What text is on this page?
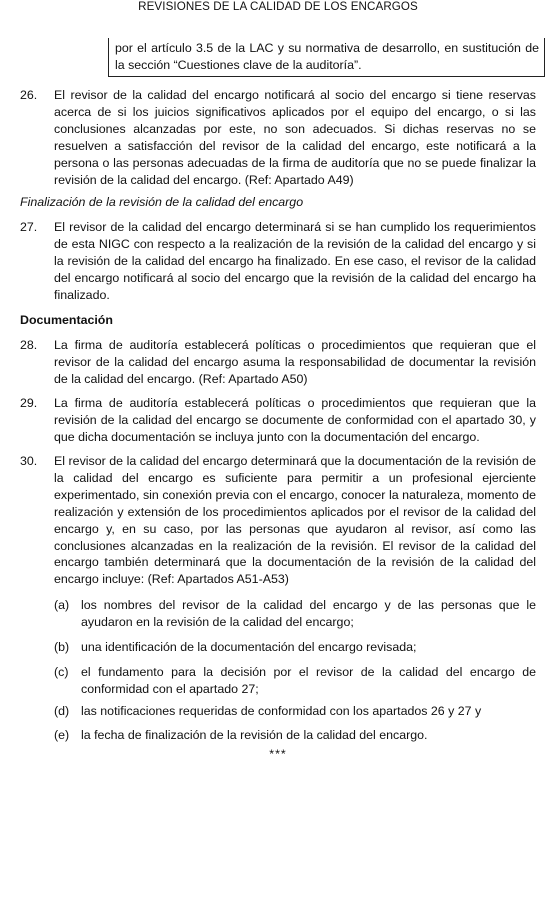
REVISIONES DE LA CALIDAD DE LOS ENCARGOS
por el artículo 3.5 de la LAC y su normativa de desarrollo, en sustitución de la sección “Cuestiones clave de la auditoría”.
26.	El revisor de la calidad del encargo notificará al socio del encargo si tiene reservas acerca de si los juicios significativos aplicados por el equipo del encargo, o si las conclusiones alcanzadas por este, no son adecuados. Si dichas reservas no se resuelven a satisfacción del revisor de la calidad del encargo, este notificará a la persona o las personas adecuadas de la firma de auditoría que no se puede finalizar la revisión de la calidad del encargo. (Ref: Apartado A49)
Finalización de la revisión de la calidad del encargo
27.	El revisor de la calidad del encargo determinará si se han cumplido los requerimientos de esta NIGC con respecto a la realización de la revisión de la calidad del encargo y si la revisión de la calidad del encargo ha finalizado. En ese caso, el revisor de la calidad del encargo notificará al socio del encargo que la revisión de la calidad del encargo ha finalizado.
Documentación
28.	La firma de auditoría establecerá políticas o procedimientos que requieran que el revisor de la calidad del encargo asuma la responsabilidad de documentar la revisión de la calidad del encargo. (Ref: Apartado A50)
29.	La firma de auditoría establecerá políticas o procedimientos que requieran que la revisión de la calidad del encargo se documente de conformidad con el apartado 30, y que dicha documentación se incluya junto con la documentación del encargo.
30.	El revisor de la calidad del encargo determinará que la documentación de la revisión de la calidad del encargo es suficiente para permitir a un profesional ejerciente experimentado, sin conexión previa con el encargo, conocer la naturaleza, momento de realización y extensión de los procedimientos aplicados por el revisor de la calidad del encargo y, en su caso, por las personas que ayudaron al revisor, así como las conclusiones alcanzadas en la realización de la revisión. El revisor de la calidad del encargo también determinará que la documentación de la revisión de la calidad del encargo incluye: (Ref: Apartados A51-A53)
(a) los nombres del revisor de la calidad del encargo y de las personas que le ayudaron en la revisión de la calidad del encargo;
(b) una identificación de la documentación del encargo revisada;
(c)	el fundamento para la decisión por el revisor de la calidad del encargo de conformidad con el apartado 27;
(d) las notificaciones requeridas de conformidad con los apartados 26 y 27 y
(e) la fecha de finalización de la revisión de la calidad del encargo.
***
